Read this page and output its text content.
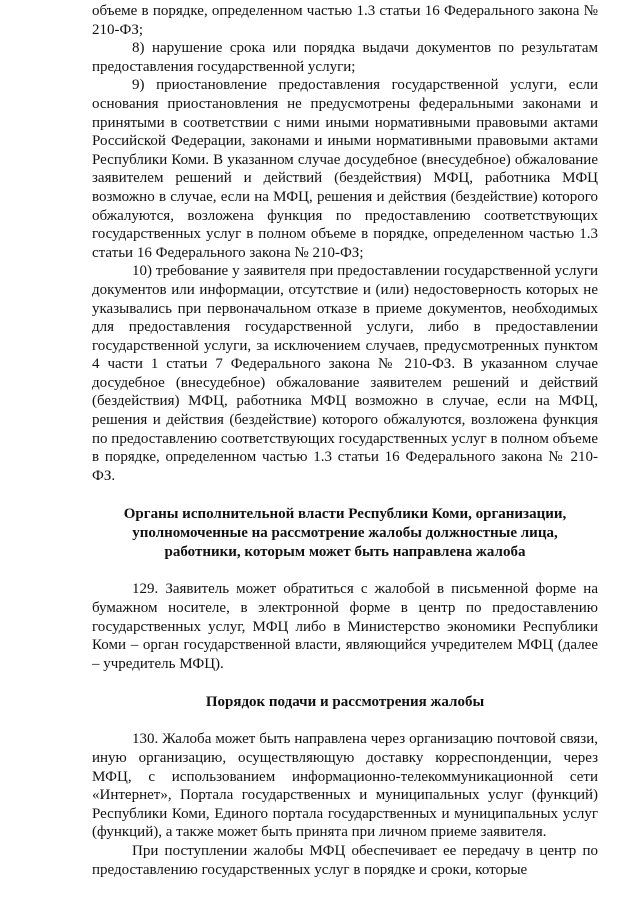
объеме в порядке, определенном частью 1.3 статьи 16 Федерального закона № 210-ФЗ;

8) нарушение срока или порядка выдачи документов по результатам предоставления государственной услуги;

9) приостановление предоставления государственной услуги, если основания приостановления не предусмотрены федеральными законами и принятыми в соответствии с ними иными нормативными правовыми актами Российской Федерации, законами и иными нормативными правовыми актами Республики Коми. В указанном случае досудебное (внесудебное) обжалование заявителем решений и действий (бездействия) МФЦ, работника МФЦ возможно в случае, если на МФЦ, решения и действия (бездействие) которого обжалуются, возложена функция по предоставлению соответствующих государственных услуг в полном объеме в порядке, определенном частью 1.3 статьи 16 Федерального закона № 210-ФЗ;

10) требование у заявителя при предоставлении государственной услуги документов или информации, отсутствие и (или) недостоверность которых не указывались при первоначальном отказе в приеме документов, необходимых для предоставления государственной услуги, либо в предоставлении государственной услуги, за исключением случаев, предусмотренных пунктом 4 части 1 статьи 7 Федерального закона № 210-ФЗ. В указанном случае досудебное (внесудебное) обжалование заявителем решений и действий (бездействия) МФЦ, работника МФЦ возможно в случае, если на МФЦ, решения и действия (бездействие) которого обжалуются, возложена функция по предоставлению соответствующих государственных услуг в полном объеме в порядке, определенном частью 1.3 статьи 16 Федерального закона № 210-ФЗ.

Органы исполнительной власти Республики Коми, организации,

уполномоченные на рассмотрение жалобы должностные лица,

работники, которым может быть направлена жалоба

129. Заявитель может обратиться с жалобой в письменной форме на бумажном носителе, в электронной форме в центр по предоставлению государственных услуг, МФЦ либо в Министерство экономики Республики Коми – орган государственной власти, являющийся учредителем МФЦ (далее – учредитель МФЦ).

Порядок подачи и рассмотрения жалобы

130. Жалоба может быть направлена через организацию почтовой связи, иную организацию, осуществляющую доставку корреспонденции, через МФЦ, с использованием информационно-телекоммуникационной сети «Интернет», Портала государственных и муниципальных услуг (функций) Республики Коми, Единого портала государственных и муниципальных услуг (функций), а также может быть принята при личном приеме заявителя.

При поступлении жалобы МФЦ обеспечивает ее передачу в центр по предоставлению государственных услуг в порядке и сроки, которые
